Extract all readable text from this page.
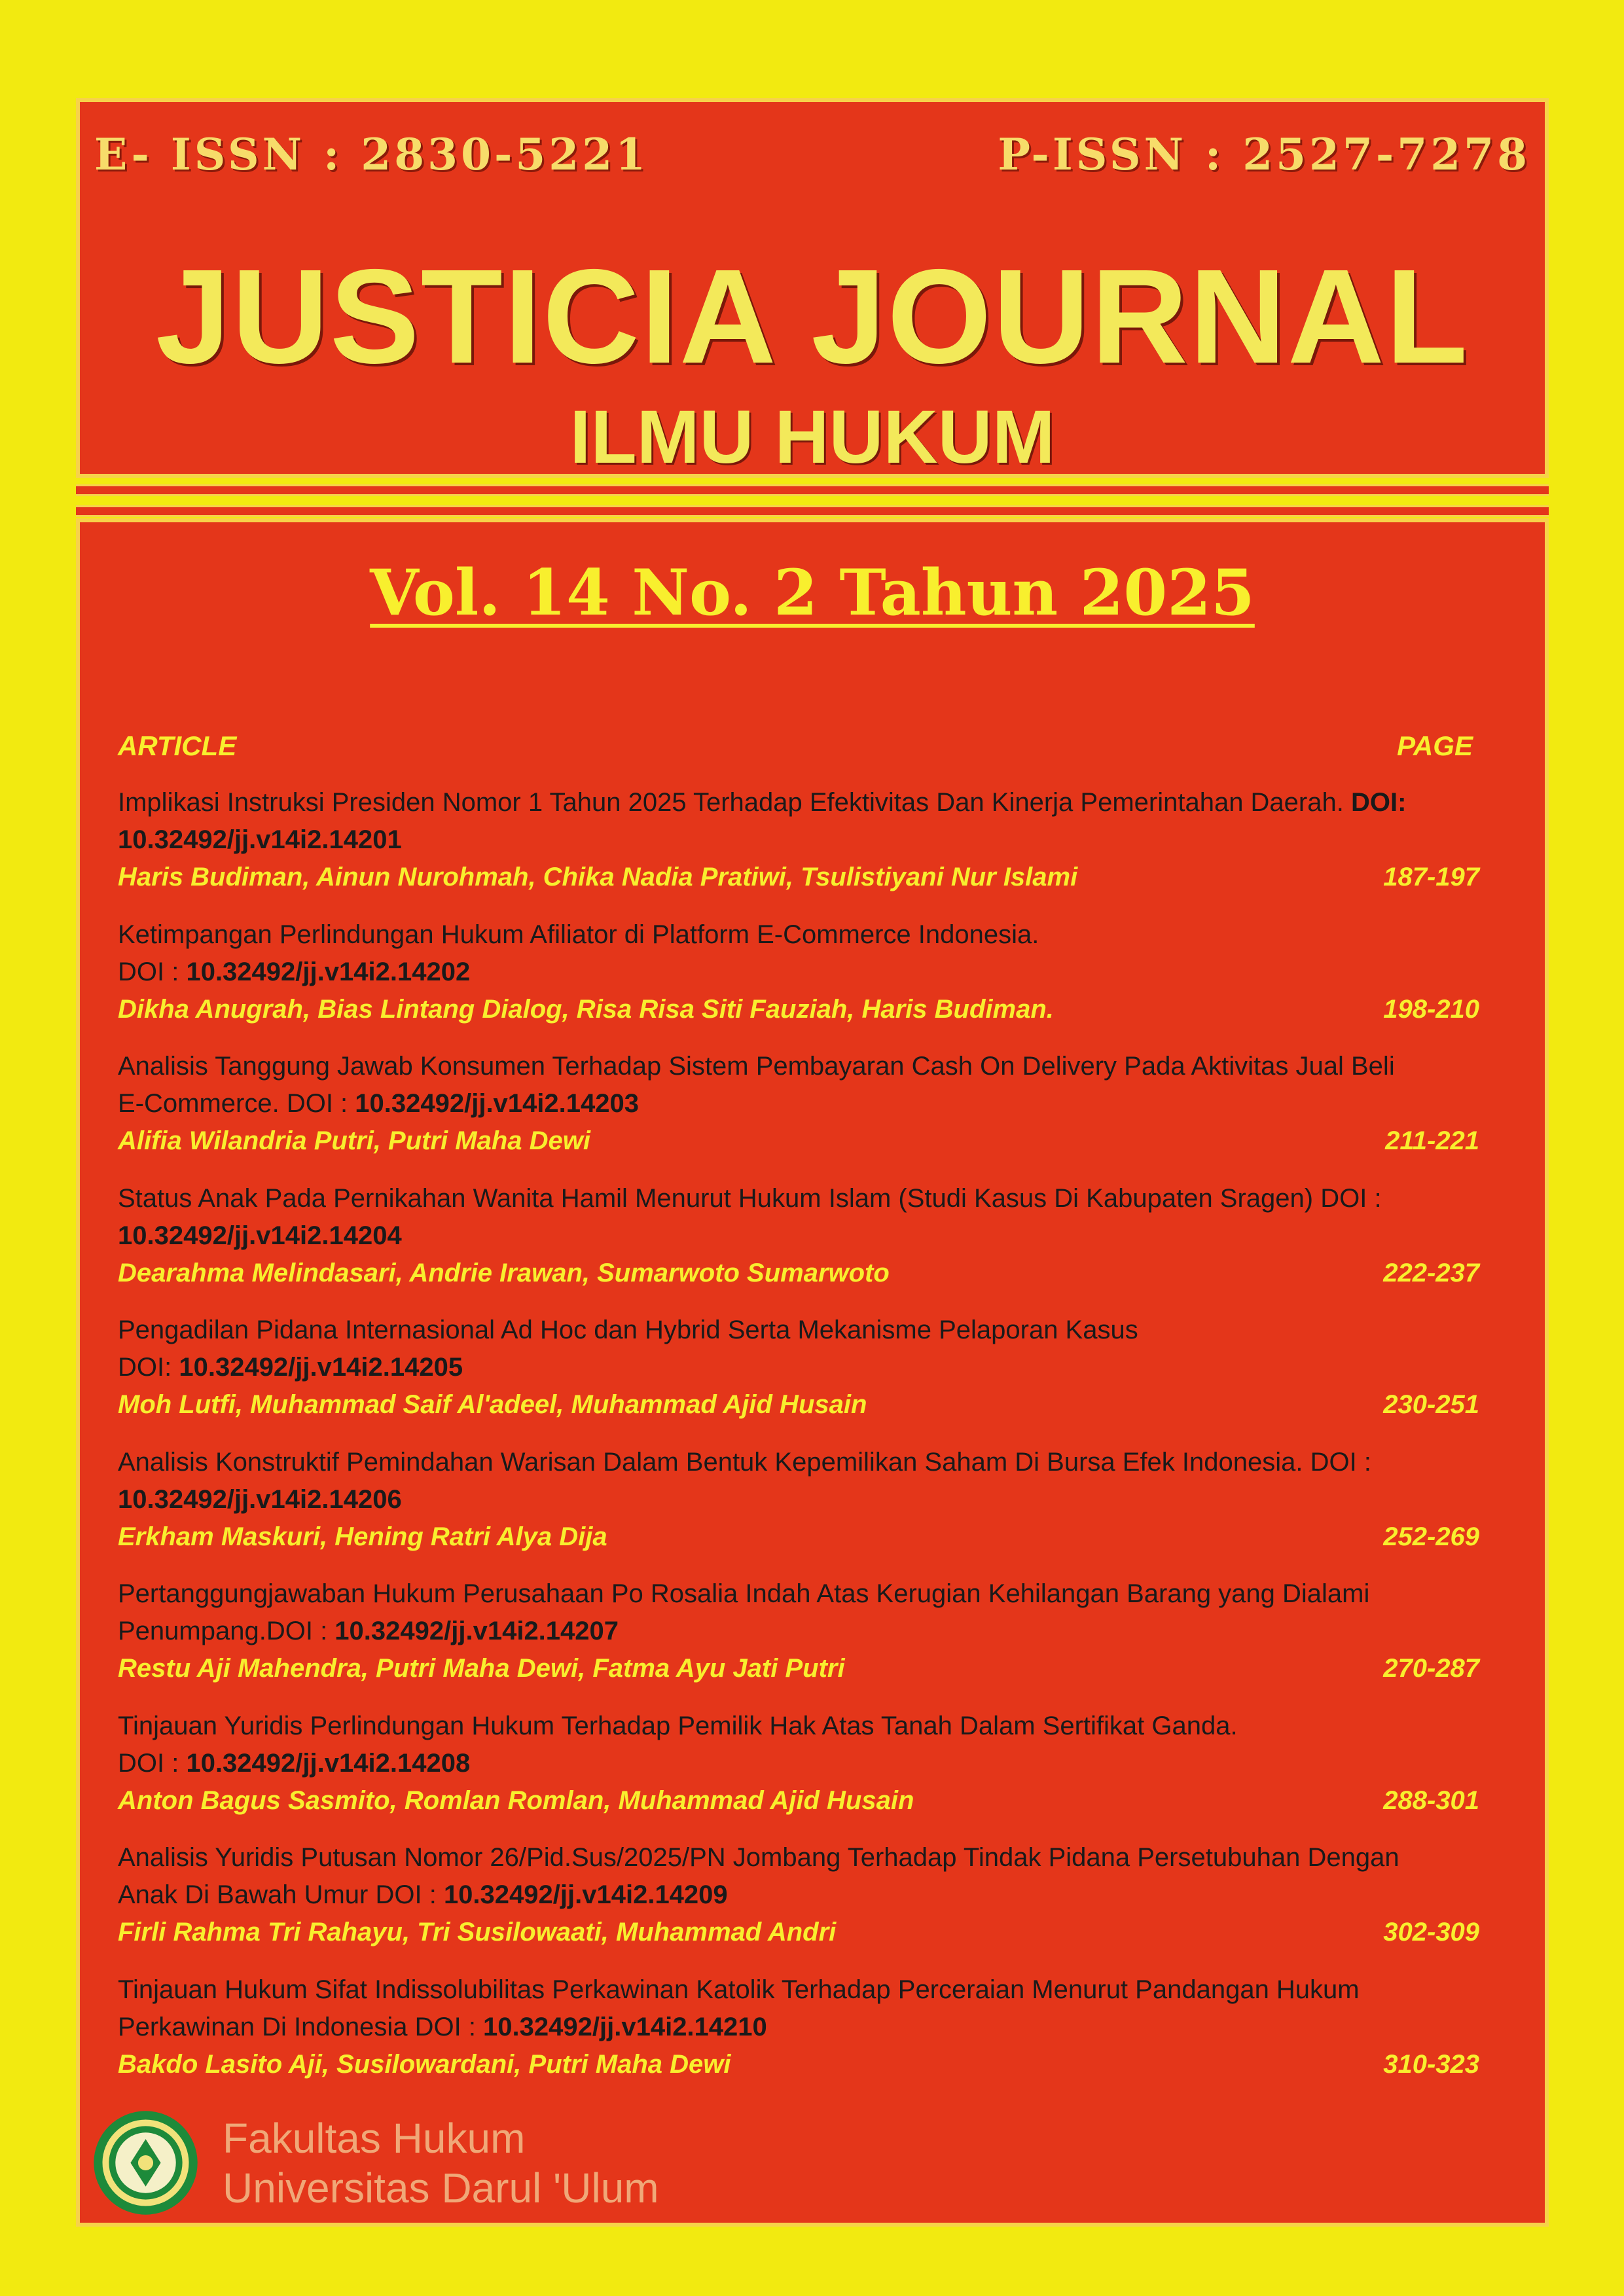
E- ISSN : 2830-5221	P-ISSN : 2527-7278
JUSTICIA JOURNAL
ILMU HUKUM
Vol. 14 No. 2 Tahun 2025
ARTICLE	PAGE
Implikasi Instruksi Presiden Nomor 1 Tahun 2025 Terhadap Efektivitas Dan Kinerja Pemerintahan Daerah. DOI: 10.32492/jj.v14i2.14201
Haris Budiman, Ainun Nurohmah, Chika Nadia Pratiwi, Tsulistiyani Nur Islami	187-197
Ketimpangan Perlindungan Hukum Afiliator di Platform E-Commerce Indonesia.
DOI : 10.32492/jj.v14i2.14202
Dikha Anugrah, Bias Lintang Dialog, Risa Risa Siti Fauziah, Haris Budiman.	198-210
Analisis Tanggung Jawab Konsumen Terhadap Sistem Pembayaran Cash On Delivery Pada Aktivitas Jual Beli E-Commerce. DOI : 10.32492/jj.v14i2.14203
Alifia Wilandria Putri, Putri Maha Dewi	211-221
Status Anak Pada Pernikahan Wanita Hamil Menurut Hukum Islam (Studi Kasus Di Kabupaten Sragen) DOI : 10.32492/jj.v14i2.14204
Dearahma Melindasari, Andrie Irawan, Sumarwoto Sumarwoto	222-237
Pengadilan Pidana Internasional Ad Hoc dan Hybrid Serta Mekanisme Pelaporan Kasus
DOI: 10.32492/jj.v14i2.14205
Moh Lutfi, Muhammad Saif Al'adeel, Muhammad Ajid Husain	230-251
Analisis Konstruktif Pemindahan Warisan Dalam Bentuk Kepemilikan Saham Di Bursa Efek Indonesia. DOI : 10.32492/jj.v14i2.14206
Erkham Maskuri, Hening Ratri Alya Dija	252-269
Pertanggungjawaban Hukum Perusahaan Po Rosalia Indah Atas Kerugian Kehilangan Barang yang Dialami Penumpang.DOI : 10.32492/jj.v14i2.14207
Restu Aji Mahendra, Putri Maha Dewi, Fatma Ayu Jati Putri	270-287
Tinjauan Yuridis Perlindungan Hukum Terhadap Pemilik Hak Atas Tanah Dalam Sertifikat Ganda.
DOI : 10.32492/jj.v14i2.14208
Anton Bagus Sasmito, Romlan Romlan, Muhammad Ajid Husain	288-301
Analisis Yuridis Putusan Nomor 26/Pid.Sus/2025/PN Jombang Terhadap Tindak Pidana Persetubuhan Dengan Anak Di Bawah Umur DOI : 10.32492/jj.v14i2.14209
Firli Rahma Tri Rahayu, Tri Susilowaati, Muhammad Andri	302-309
Tinjauan Hukum Sifat Indissolubilitas Perkawinan Katolik Terhadap Perceraian Menurut Pandangan Hukum Perkawinan Di Indonesia DOI : 10.32492/jj.v14i2.14210
Bakdo Lasito Aji, Susilowardani, Putri Maha Dewi	310-323
Fakultas Hukum
Universitas Darul 'Ulum
